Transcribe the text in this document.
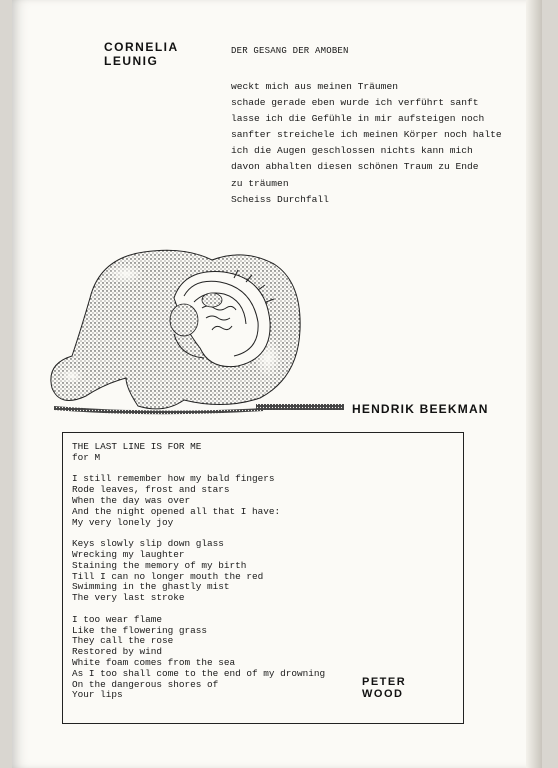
CORNELIA
LEUNIG
DER GESANG DER AMOBEN
weckt mich aus meinen Träumen
schade gerade eben wurde ich verführt sanft
lasse ich die Gefühle in mir aufsteigen noch
sanfter streichele ich meinen Körper noch halte
ich die Augen geschlossen nichts kann mich
davon abhalten diesen schönen Traum zu Ende
zu träumen
Scheiss Durchfall
HENDRIK BEEKMAN
THE LAST LINE IS FOR ME
for M
I still remember how my bald fingers
Rode leaves, frost and stars
When the day was over
And the night opened all that I have:
My very lonely joy
Keys slowly slip down glass
Wrecking my laughter
Staining the memory of my birth
Till I can no longer mouth the red
Swimming in the ghastly mist
The very last stroke
I too wear flame
Like the flowering grass
They call the rose
Restored by wind
White foam comes from the sea
As I too shall come to the end of my drowning
On the dangerous shores of
Your lips
PETER
WOOD
